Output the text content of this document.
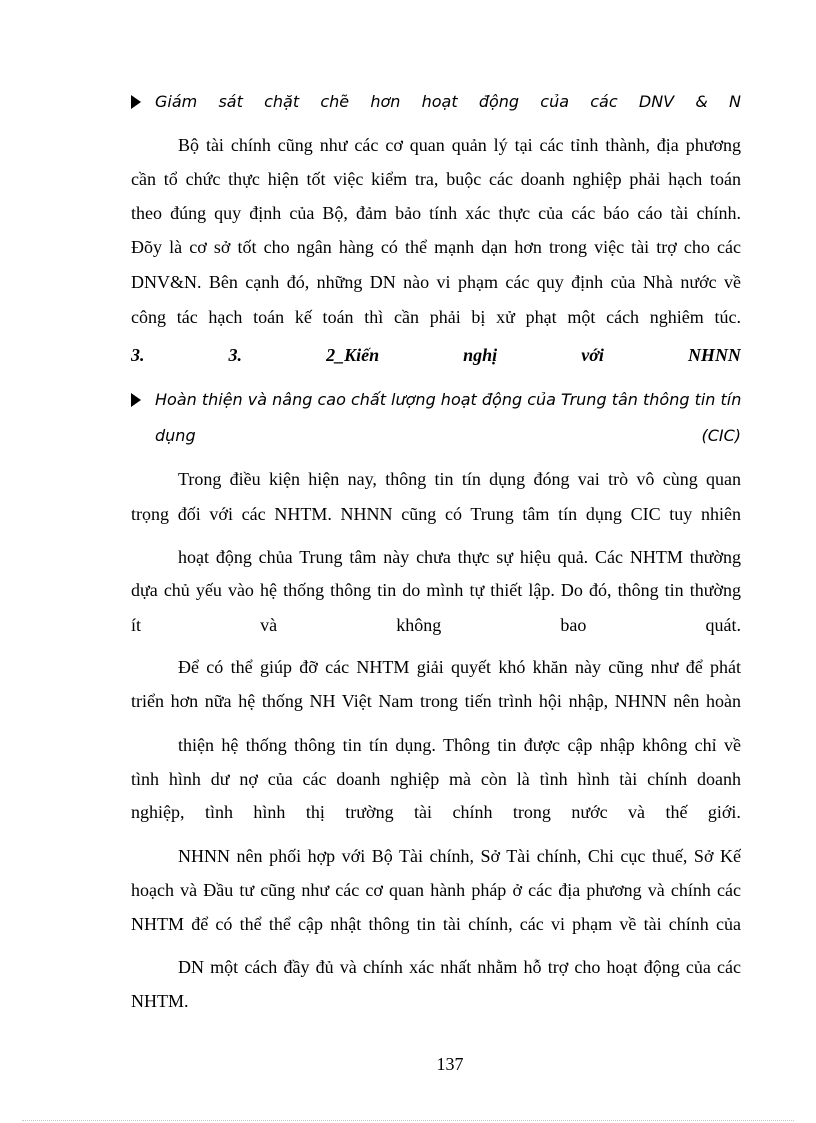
Giám sát chặt chẽ hơn hoạt động của các DNV & N
Bộ tài chính cũng như các cơ quan quản lý tại các tỉnh thành, địa phương
cần tổ chức thực hiện tốt việc kiểm tra, buộc các doanh nghiệp phải hạch toán
theo đúng quy định của Bộ, đảm bảo tính xác thực của các báo cáo tài chính.
Đõy là cơ sở tốt cho ngân hàng có thể mạnh dạn hơn trong việc tài trợ cho các
DNV&N. Bên cạnh đó, những DN nào vi phạm các quy định của Nhà nước về
công tác hạch toán kế toán thì cần phải bị xử phạt một cách nghiêm túc.
3.	3.	2_Kiến	nghị	với	NHNN
Hoàn thiện và nâng cao chất lượng hoạt động của Trung tân thông tin tín
dụng	(CIC)
Trong điều kiện hiện nay, thông tin tín dụng đóng vai trò vô cùng quan
trọng đối với các NHTM. NHNN cũng có Trung tâm tín dụng CIC tuy nhiên
hoạt động chủa Trung tâm này chưa thực sự hiệu quả. Các NHTM thường
dựa chủ yếu vào hệ thống thông tin do mình tự thiết lập. Do đó, thông tin thường
ít	và	không	bao	quát.
Để có thể giúp đỡ các NHTM giải quyết khó khăn này cũng như để phát
triển hơn nữa hệ thống NH Việt Nam trong tiến trình hội nhập, NHNN nên hoàn
thiện hệ thống thông tin tín dụng. Thông tin được cập nhập không chỉ về
tình hình dư nợ của các doanh nghiệp mà còn là tình hình tài chính doanh
nghiệp, tình hình thị trường tài chính trong nước và thế giới.
NHNN nên phối hợp với Bộ Tài chính, Sở Tài chính, Chi cục thuế, Sở Kế
hoạch và Đầu tư cũng như các cơ quan hành pháp ở các địa phương và chính các
NHTM để có thể thể cập nhật thông tin tài chính, các vi phạm về tài chính của
DN một cách đầy đủ và chính xác nhất nhằm hỗ trợ cho hoạt động của các
NHTM.
137
